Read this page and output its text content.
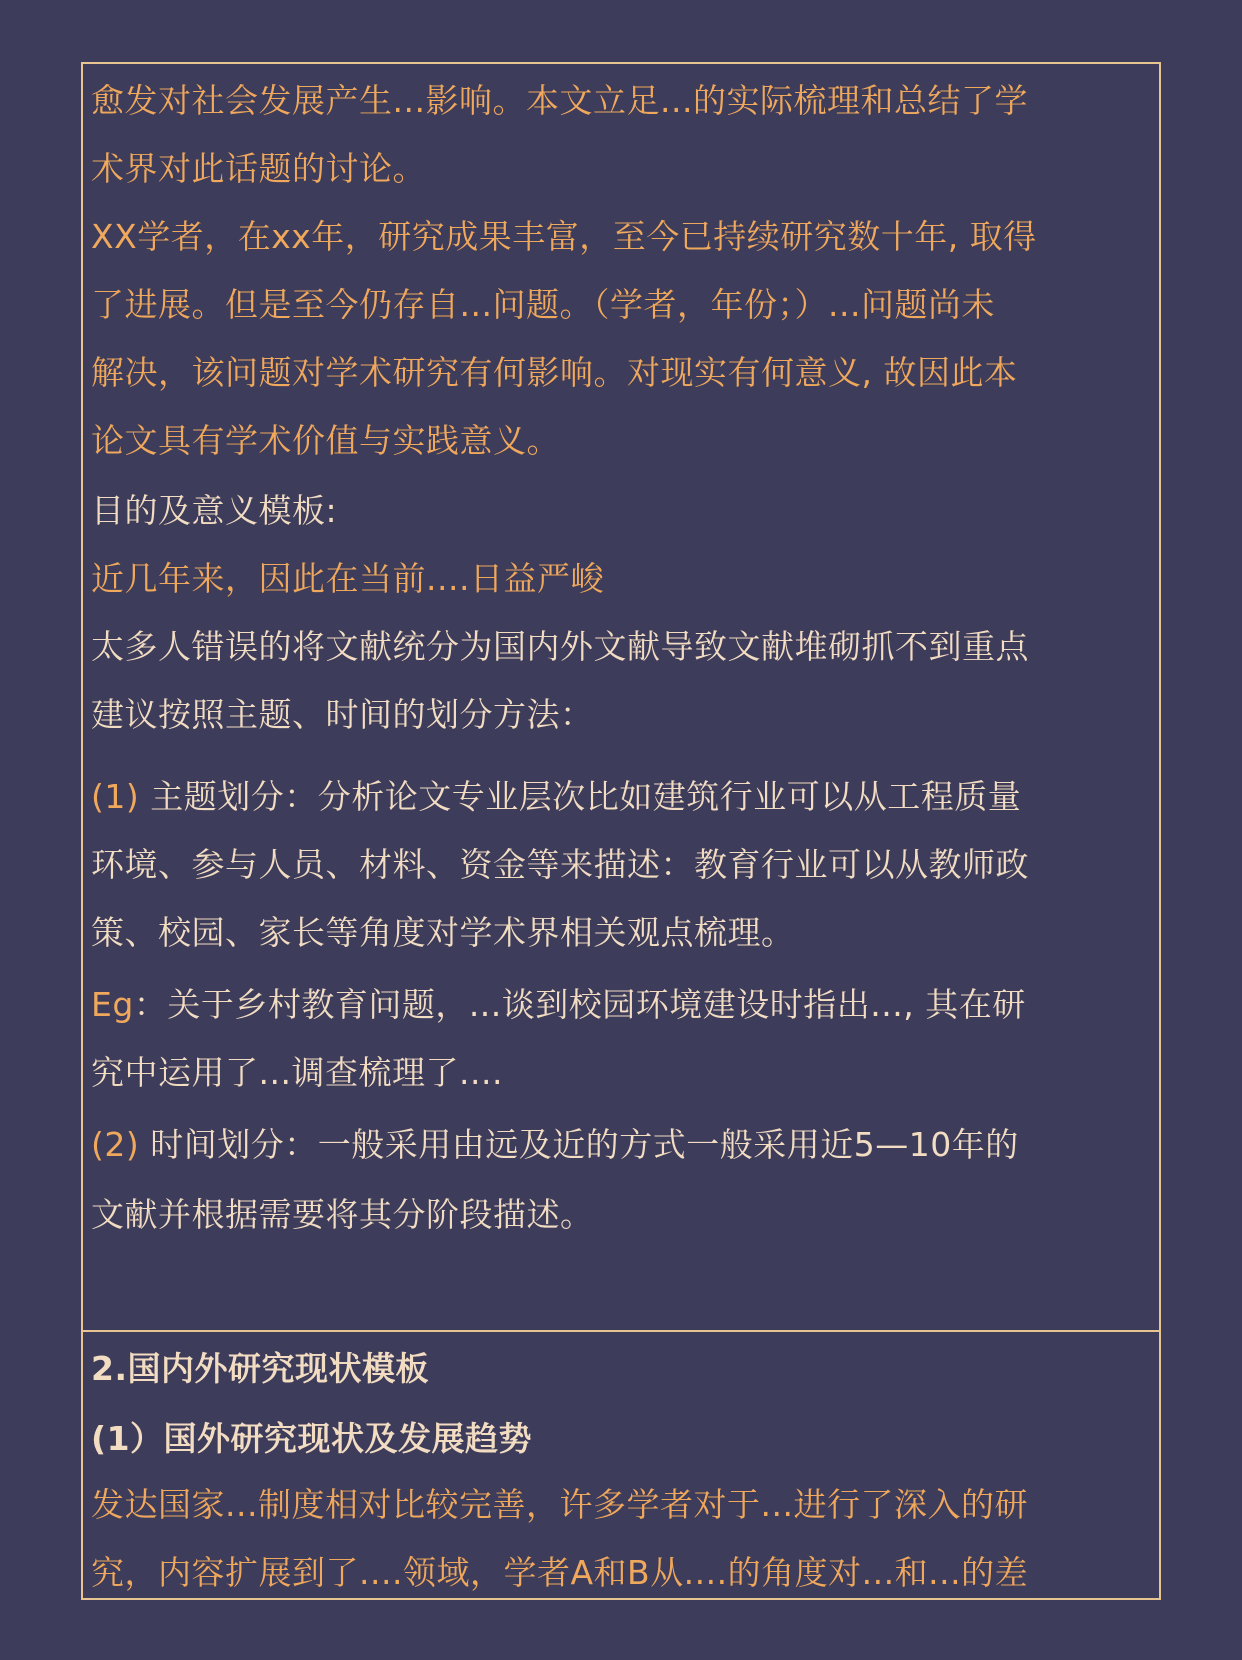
愈发对社会发展产生...影响。本文立足...的实际梳理和总结了学
术界对此话题的讨论。
XX学者，在xx年，研究成果丰富，至今已持续研究数十年, 取得
了进展。但是至今仍存自...问题。（学者，年份；）...问题尚未
解决，该问题对学术研究有何影响。对现实有何意义, 故因此本
论文具有学术价值与实践意义。
目的及意义模板:
近几年来，因此在当前....日益严峻
太多人错误的将文献统分为国内外文献导致文献堆砌抓不到重点
建议按照主题、时间的划分方法：
(1) 主题划分：分析论文专业层次比如建筑行业可以从工程质量
环境、参与人员、材料、资金等来描述：教育行业可以从教师政
策、校园、家长等角度对学术界相关观点梳理。
Eg：关于乡村教育问题，...谈到校园环境建设时指出..., 其在研
究中运用了...调查梳理了....
(2) 时间划分：一般采用由远及近的方式一般采用近5—10年的
文献并根据需要将其分阶段描述。
2.国内外研究现状模板
(1）国外研究现状及发展趋势
发达国家...制度相对比较完善，许多学者对于...进行了深入的研
究，内容扩展到了....领域，学者A和B从....的角度对...和...的差
